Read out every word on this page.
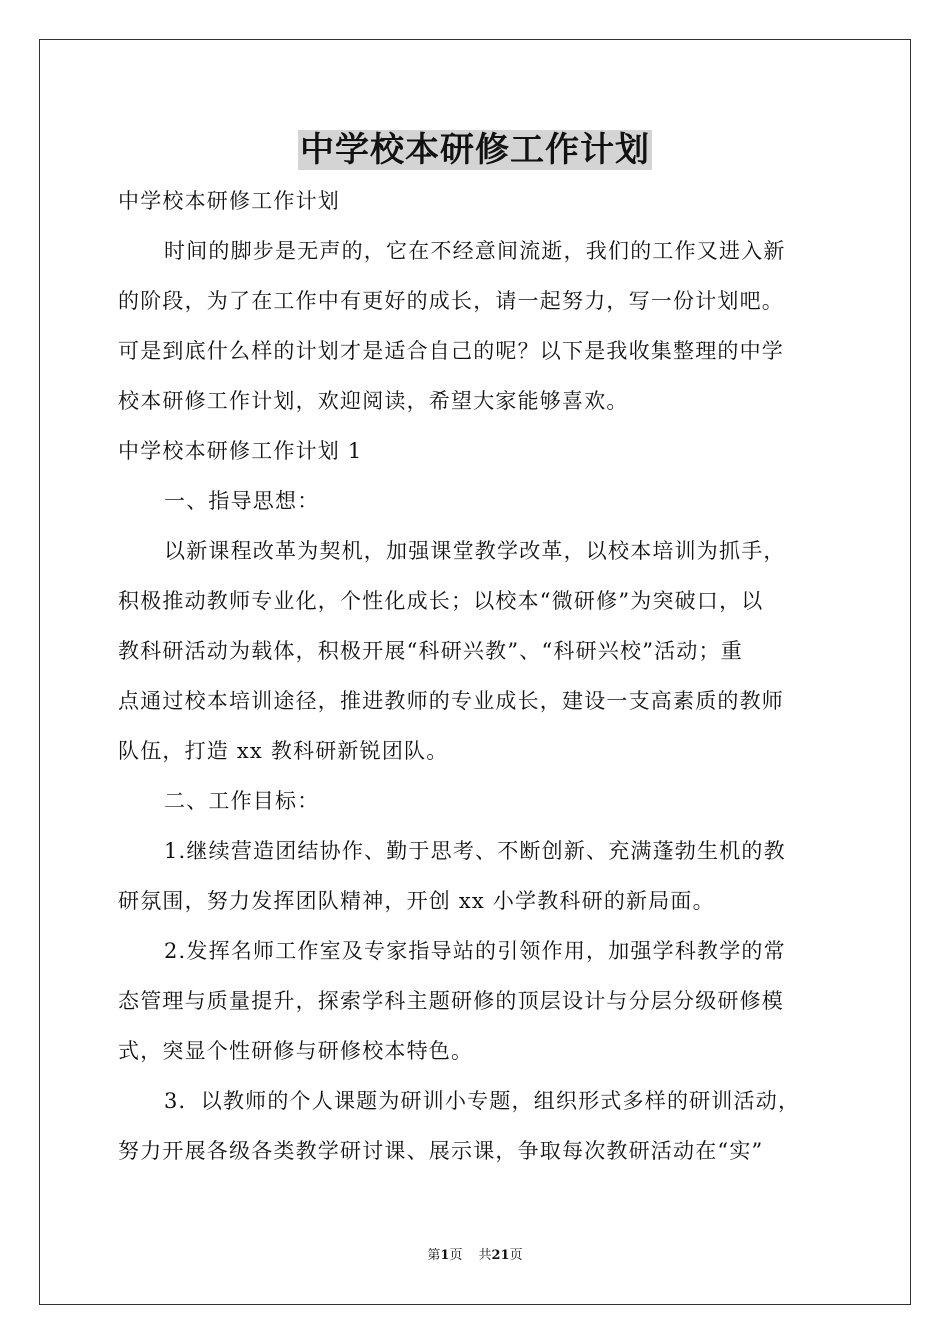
中学校本研修工作计划
中学校本研修工作计划
时间的脚步是无声的，它在不经意间流逝，我们的工作又进入新
的阶段，为了在工作中有更好的成长，请一起努力，写一份计划吧。
可是到底什么样的计划才是适合自己的呢？以下是我收集整理的中学
校本研修工作计划，欢迎阅读，希望大家能够喜欢。
中学校本研修工作计划 1
一、指导思想：
以新课程改革为契机，加强课堂教学改革，以校本培训为抓手，
积极推动教师专业化，个性化成长；以校本“微研修”为突破口，以
教科研活动为载体，积极开展“科研兴教”、“科研兴校”活动；重
点通过校本培训途径，推进教师的专业成长，建设一支高素质的教师
队伍，打造 xx 教科研新锐团队。
二、工作目标：
1.继续营造团结协作、勤于思考、不断创新、充满蓬勃生机的教
研氛围，努力发挥团队精神，开创 xx 小学教科研的新局面。
2.发挥名师工作室及专家指导站的引领作用，加强学科教学的常
态管理与质量提升，探索学科主题研修的顶层设计与分层分级研修模
式，突显个性研修与研修校本特色。
3．以教师的个人课题为研训小专题，组织形式多样的研训活动，
努力开展各级各类教学研讨课、展示课，争取每次教研活动在“实”
第1页 共21页
